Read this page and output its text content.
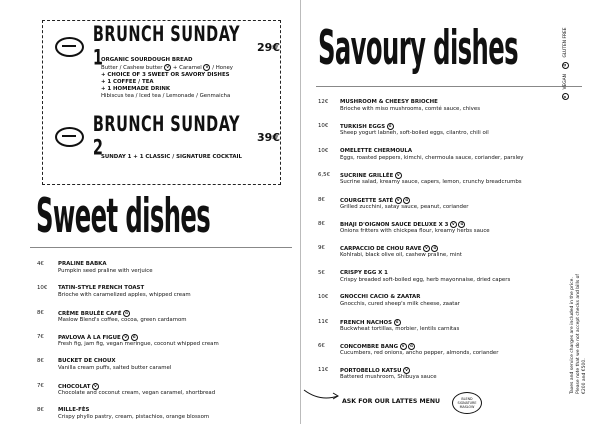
BRUNCH SUNDAY 1	29€
ORGANIC SOURDOUGH BREAD
Butter / Cashew butter V + Caramel V / Honey
+ CHOICE OF 3 SWEET OR SAVORY DISHES
+ 1 COFFEE / TEA
+ 1 HOMEMADE DRINK
Hibiscus tea / Iced tea / Lemonade / Genmaicha
BRUNCH SUNDAY 2	39€
SUNDAY 1 + 1 CLASSIC / SIGNATURE COCKTAIL
Sweet dishes
4€	PRALINE BABKA
Pumpkin seed praline with verjuice
10€ TATIN-STYLE FRENCH TOAST
Brioche with caramelized apples, whipped cream
8€	CRÈME BRULÉE CAFÉ G
Maslow Blend's coffee, cocoa, green cardamom
7€	PAVLOVA À LA FIGUE V G
Fresh fig, jam fig, vegan meringue, coconut whipped cream
8€	BUCKET DE CHOUX
Vanilla cream puffs, salted butter caramel
7€	CHOCOLAT V
Chocolate and coconut cream, vegan caramel, shortbread
8€	MILLE-FÈS
Crispy phyllo pastry, cream, pistachios, orange blossom
Savoury dishes
12€ MUSHROOM & CHEESY BRIOCHE
Brioche with miso mushrooms, comté sauce, chives
10€ TURKISH EGGS G
Sheep yogurt labneh, soft-boiled eggs, cilantro, chili oil
10€ OMELETTE CHERMOULA
Eggs, roasted peppers, kimchi, chermoula sauce, coriander, parsley
6,5€ SUCRINE GRILLÉE V
Sucrine salad, kreamy sauce, capers, lemon, crunchy breadcrumbs
8€	COURGETTE SATÉ V G
Grilled zucchini, satay sauce, peanut, coriander
8€	BHAJI D'OIGNON SAUCE DELUXE X 3 V G
Onions fritters with chickpea flour, kreamy herbs sauce
9€	CARPACCIO DE CHOU RAVE V G
Kohlrabi, black olive oil, cashew praline, mint
5€	CRISPY EGG X 1
Crispy breaded soft-boiled egg, herb mayonnaise, dried capers
10€ GNOCCHI CACIO & ZAATAR
Gnocchis, cured sheep's milk cheese, zaatar
11€ FRENCH NACHOS G
Buckwheat tortillas, morbier, lentils carnitas
6€	CONCOMBRE BANG V G
Cucumbers, red onions, ancho pepper, almonds, coriander
11€ PORTOBELLO KATSU V
Battered mushroom, Shibuya sauce
V
VEGAN
G
GLUTEN FREE
Taxes and service charges are included in the price. Please note that we do not accept checks and bills of €200 and €500.
ASK FOR OUR LATTES MENU	BLEND
SIGNATURE
MASLOW
